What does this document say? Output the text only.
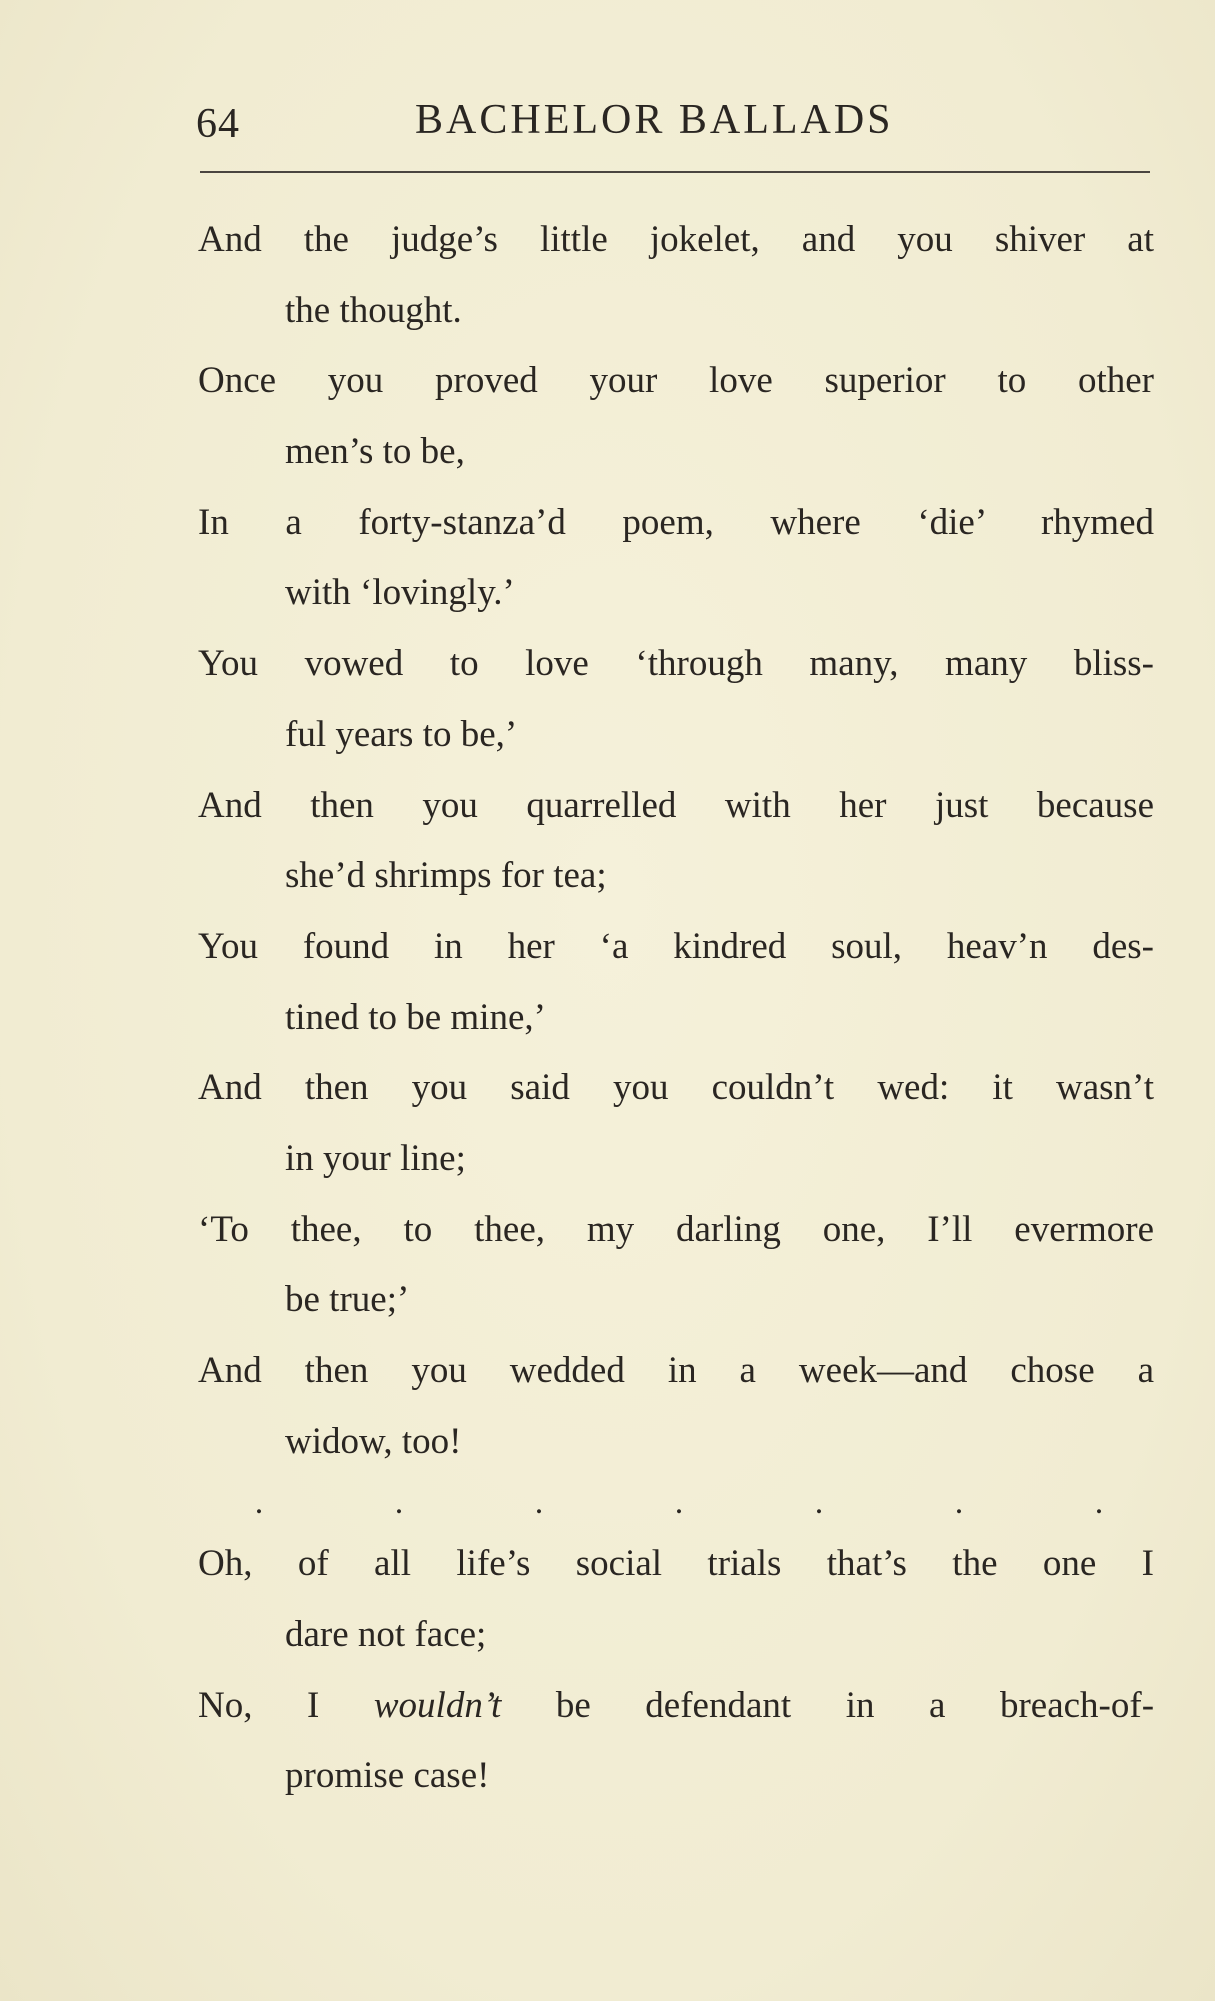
64	BACHELOR BALLADS
And the judge’s little jokelet, and you shiver at
the thought.
Once you proved your love superior to other
men’s to be,
In a forty-stanza’d poem, where ‘die’ rhymed
with ‘lovingly.’
You vowed to love ‘through many, many bliss-
ful years to be,’
And then you quarrelled with her just because
she’d shrimps for tea;
You found in her ‘a kindred soul, heav’n des-
tined to be mine,’
And then you said you couldn’t wed: it wasn’t
in your line;
‘To thee, to thee, my darling one, I’ll evermore
be true;’
And then you wedded in a week—and chose a
widow, too!
.	.	.	.	.	.	.
Oh, of all life’s social trials that’s the one I
dare not face;
No, I wouldn’t be defendant in a breach-of-
promise case!
